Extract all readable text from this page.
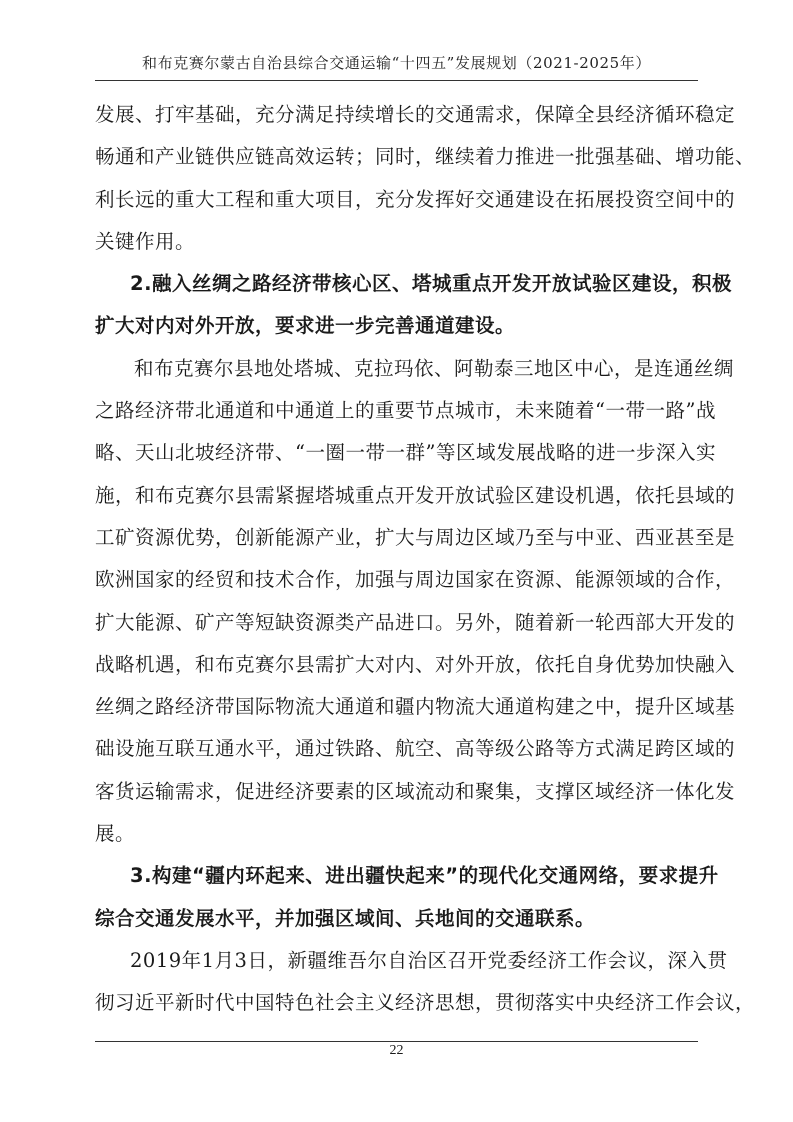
和布克赛尔蒙古自治县综合交通运输“十四五”发展规划（2021-2025年）
发展、打牢基础，充分满足持续增长的交通需求，保障全县经济循环稳定
畅通和产业链供应链高效运转；同时，继续着力推进一批强基础、增功能、
利长远的重大工程和重大项目，充分发挥好交通建设在拓展投资空间中的
关键作用。
2.融入丝绸之路经济带核心区、塔城重点开发开放试验区建设，积极
扩大对内对外开放，要求进一步完善通道建设。
和布克赛尔县地处塔城、克拉玛依、阿勒泰三地区中心，是连通丝绸
之路经济带北通道和中通道上的重要节点城市，未来随着“一带一路”战
略、天山北坡经济带、“一圈一带一群”等区域发展战略的进一步深入实
施，和布克赛尔县需紧握塔城重点开发开放试验区建设机遇，依托县域的
工矿资源优势，创新能源产业，扩大与周边区域乃至与中亚、西亚甚至是
欧洲国家的经贸和技术合作，加强与周边国家在资源、能源领域的合作，
扩大能源、矿产等短缺资源类产品进口。另外，随着新一轮西部大开发的
战略机遇，和布克赛尔县需扩大对内、对外开放，依托自身优势加快融入
丝绸之路经济带国际物流大通道和疆内物流大通道构建之中，提升区域基
础设施互联互通水平，通过铁路、航空、高等级公路等方式满足跨区域的
客货运输需求，促进经济要素的区域流动和聚集，支撑区域经济一体化发
展。
3.构建“疆内环起来、进出疆快起来”的现代化交通网络，要求提升
综合交通发展水平，并加强区域间、兵地间的交通联系。
2019年1月3日，新疆维吾尔自治区召开党委经济工作会议，深入贯
彻习近平新时代中国特色社会主义经济思想，贯彻落实中央经济工作会议，
22
